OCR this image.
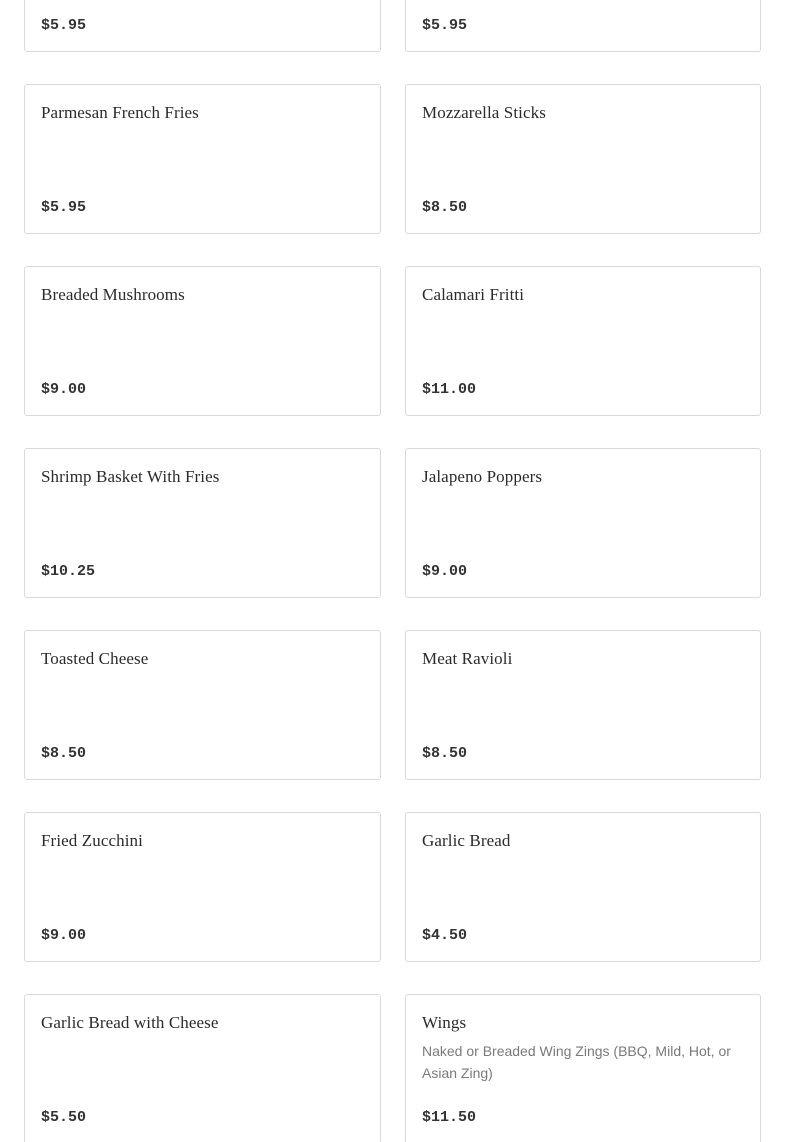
$5.95	$5.95
Parmesan French Fries
$5.95
Mozzarella Sticks
$8.50
Breaded Mushrooms
$9.00
Calamari Fritti
$11.00
Shrimp Basket With Fries
$10.25
Jalapeno Poppers
$9.00
Toasted Cheese
$8.50
Meat Ravioli
$8.50
Fried Zucchini
$9.00
Garlic Bread
$4.50
Garlic Bread with Cheese
$5.50
Wings
Naked or Breaded Wing Zings (BBQ, Mild, Hot, or Asian Zing)
$11.50
